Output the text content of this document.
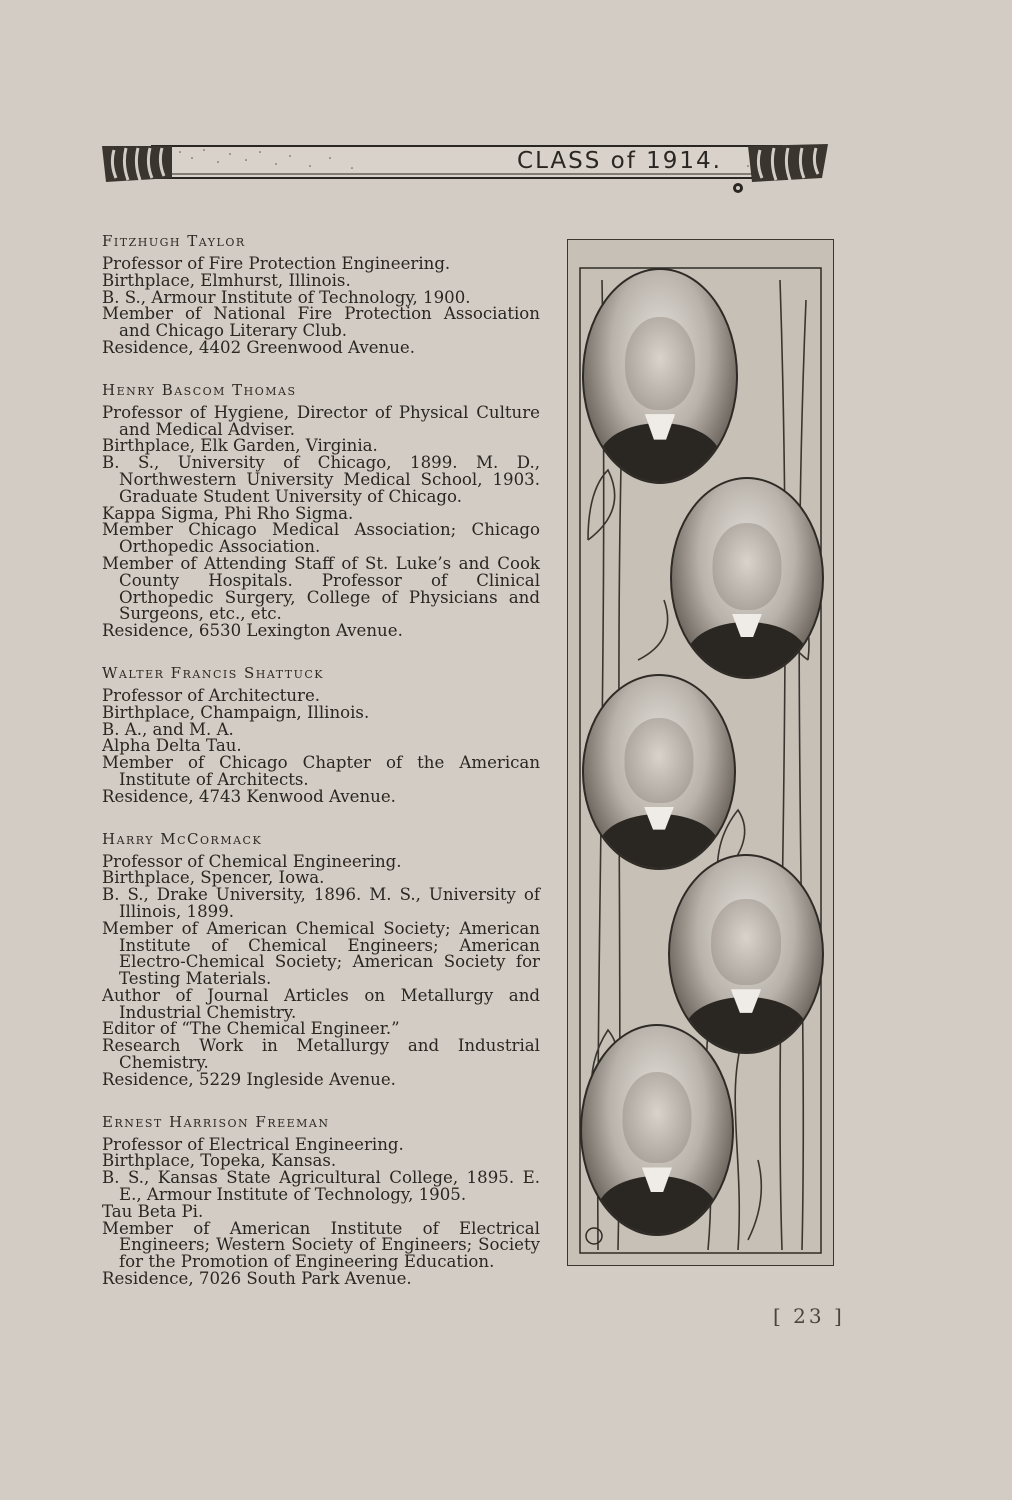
CLASS of 1914.
Fitzhugh Taylor
Professor of Fire Protection Engineering.
Birthplace, Elmhurst, Illinois.
B. S., Armour Institute of Technology, 1900.
Member of National Fire Protection Association and Chicago Literary Club.
Residence, 4402 Greenwood Avenue.
Henry Bascom Thomas
Professor of Hygiene, Director of Physical Culture and Medical Adviser.
Birthplace, Elk Garden, Virginia.
B. S., University of Chicago, 1899. M. D., Northwestern University Medical School, 1903. Graduate Student University of Chicago.
Kappa Sigma, Phi Rho Sigma.
Member Chicago Medical Association; Chicago Orthopedic Association.
Member of Attending Staff of St. Luke’s and Cook County Hospitals. Professor of Clinical Orthopedic Surgery, College of Physicians and Surgeons, etc., etc.
Residence, 6530 Lexington Avenue.
Walter Francis Shattuck
Professor of Architecture.
Birthplace, Champaign, Illinois.
B. A., and M. A.
Alpha Delta Tau.
Member of Chicago Chapter of the American Institute of Architects.
Residence, 4743 Kenwood Avenue.
Harry McCormack
Professor of Chemical Engineering.
Birthplace, Spencer, Iowa.
B. S., Drake University, 1896. M. S., University of Illinois, 1899.
Member of American Chemical Society; American Institute of Chemical Engineers; American Electro-Chemical Society; American Society for Testing Materials.
Author of Journal Articles on Metallurgy and Industrial Chemistry.
Editor of “The Chemical Engineer.”
Research Work in Metallurgy and Industrial Chemistry.
Residence, 5229 Ingleside Avenue.
Ernest Harrison Freeman
Professor of Electrical Engineering.
Birthplace, Topeka, Kansas.
B. S., Kansas State Agricultural College, 1895. E. E., Armour Institute of Technology, 1905.
Tau Beta Pi.
Member of American Institute of Electrical Engineers; Western Society of Engineers; Society for the Promotion of Engineering Education.
Residence, 7026 South Park Avenue.
[ 23 ]
